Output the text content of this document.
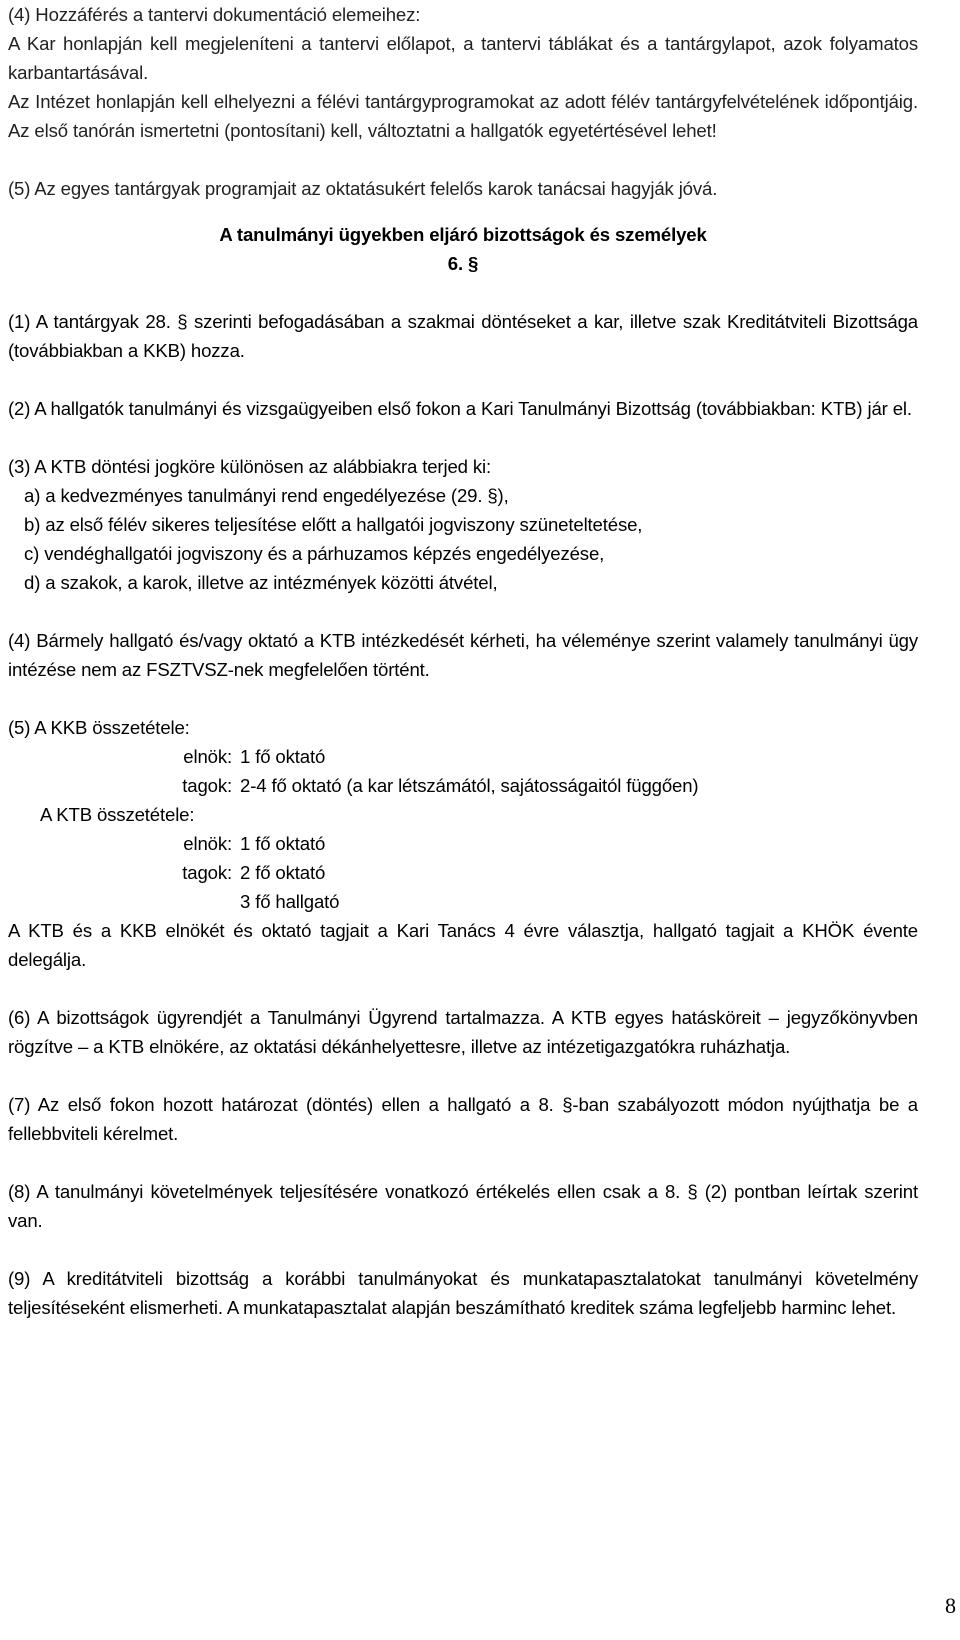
(4) Hozzáférés a tantervi dokumentáció elemeihez:

A Kar honlapján kell megjeleníteni a tantervi előlapot, a tantervi táblákat és a tantárgylapot, azok folyamatos karbantartásával.

Az Intézet honlapján kell elhelyezni a félévi tantárgyprogramokat az adott félév tantárgyfelvételének időpontjáig. Az első tanórán ismertetni (pontosítani) kell, változtatni a hallgatók egyetértésével lehet!

(5) Az egyes tantárgyak programjait az oktatásukért felelős karok tanácsai hagyják jóvá.

A tanulmányi ügyekben eljáró bizottságok és személyek

6. §

(1) A tantárgyak 28. § szerinti befogadásában a szakmai döntéseket a kar, illetve szak Kreditátviteli Bizottsága (továbbiakban a KKB) hozza.

(2) A hallgatók tanulmányi és vizsgaügyeiben első fokon a Kari Tanulmányi Bizottság (továbbiakban: KTB) jár el.

(3) A KTB döntési jogköre különösen az alábbiakra terjed ki:

a) a kedvezményes tanulmányi rend engedélyezése (29. §),
b) az első félév sikeres teljesítése előtt a hallgatói jogviszony szüneteltetése,
c) vendéghallgatói jogviszony és a párhuzamos képzés engedélyezése,
d) a szakok, a karok, illetve az intézmények közötti átvétel,

(4) Bármely hallgató és/vagy oktató a KTB intézkedését kérheti, ha véleménye szerint valamely tanulmányi ügy intézése nem az FSZTVSZ-nek megfelelően történt.

(5) A KKB összetétele:

elnök:	1 fő oktató
tagok:	2-4 fő oktató (a kar létszámától, sajátosságaitól függően)

A KTB összetétele:

elnök:	1 fő oktató
tagok:	2 fő oktató
	3 fő hallgató

A KTB és a KKB elnökét és oktató tagjait a Kari Tanács 4 évre választja, hallgató tagjait a KHÖK évente delegálja.

(6) A bizottságok ügyrendjét a Tanulmányi Ügyrend tartalmazza. A KTB egyes hatásköreit – jegyzőkönyvben rögzítve – a KTB elnökére, az oktatási dékánhelyettesre, illetve az intézetigazgatókra ruházhatja.

(7) Az első fokon hozott határozat (döntés) ellen a hallgató a 8. §-ban szabályozott módon nyújthatja be a fellebbviteli kérelmet.

(8) A tanulmányi követelmények teljesítésére vonatkozó értékelés ellen csak a 8. § (2) pontban leírtak szerint van.

(9) A kreditátviteli bizottság a korábbi tanulmányokat és munkatapasztalatokat tanulmányi követelmény teljesítéseként elismerheti. A munkatapasztalat alapján beszámítható kreditek száma legfeljebb harminc lehet.

8
